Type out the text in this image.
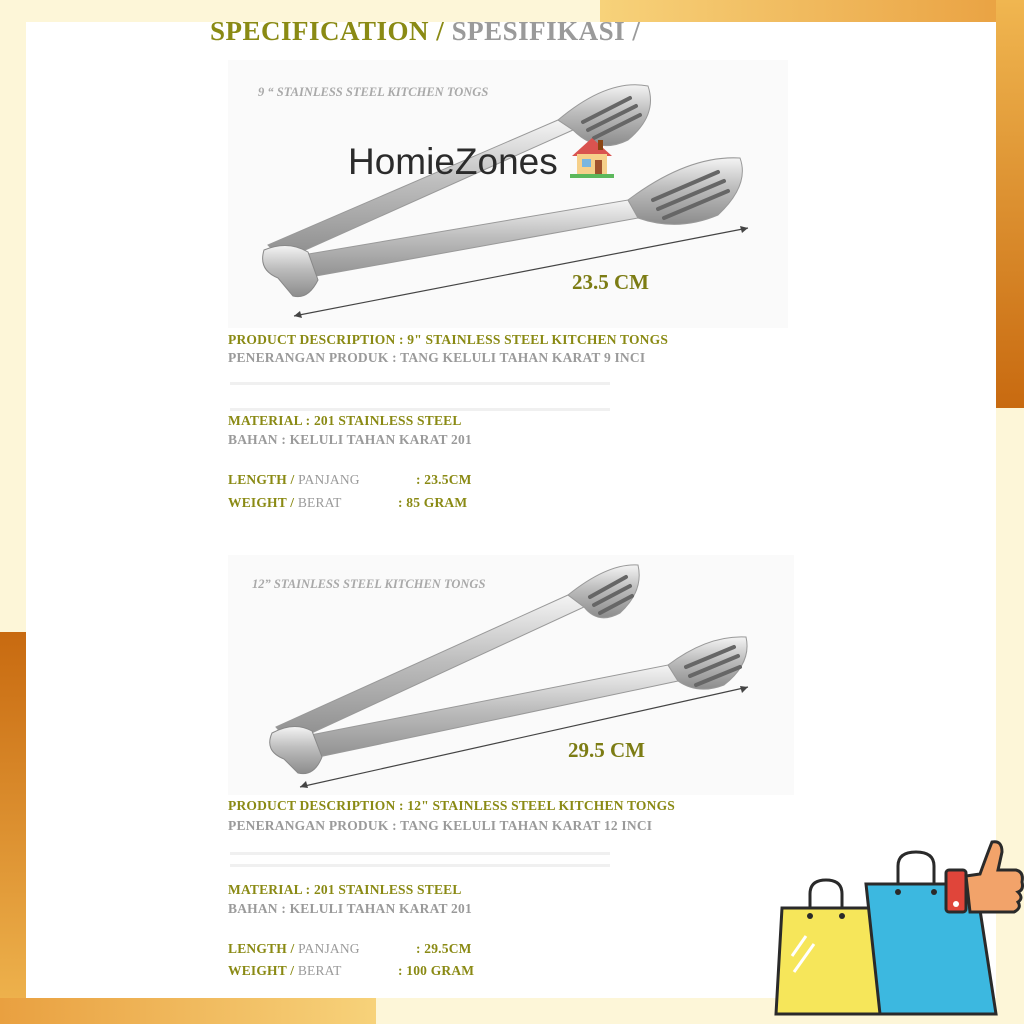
SPECIFICATION / SPESIFIKASI /
9 “ STAINLESS STEEL KITCHEN TONGS
HomieZones
23.5 CM
PRODUCT DESCRIPTION : 9" STAINLESS STEEL KITCHEN TONGS
PENERANGAN PRODUK : TANG KELULI TAHAN KARAT 9 INCI
MATERIAL : 201 STAINLESS STEEL
BAHAN : KELULI TAHAN KARAT 201
LENGTH / PANJANG	: 23.5CM
WEIGHT / BERAT	: 85 GRAM
12” STAINLESS STEEL KITCHEN TONGS
29.5 CM
PRODUCT DESCRIPTION : 12" STAINLESS STEEL KITCHEN TONGS
PENERANGAN PRODUK : TANG KELULI TAHAN KARAT 12 INCI
MATERIAL : 201 STAINLESS STEEL
BAHAN : KELULI TAHAN KARAT 201
LENGTH / PANJANG	: 29.5CM
WEIGHT / BERAT	: 100 GRAM
